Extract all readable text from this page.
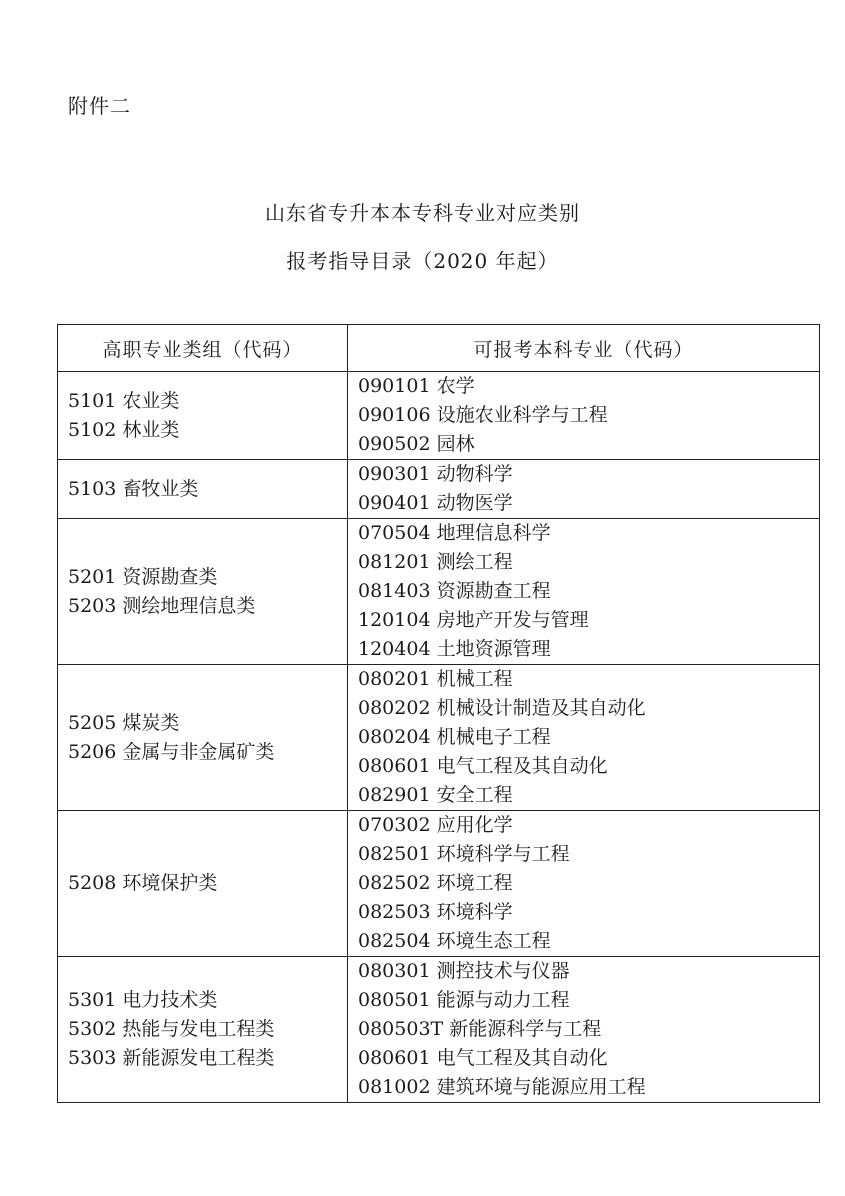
附件二
山东省专升本本专科专业对应类别
报考指导目录（2020 年起）
高职专业类组（代码）	可报考本科专业（代码）

5101 农业类
5102 林业类	090101 农学
090106 设施农业科学与工程
090502 园林

5103 畜牧业类	090301 动物科学
090401 动物医学

5201 资源勘查类
5203 测绘地理信息类	070504 地理信息科学
081201 测绘工程
081403 资源勘查工程
120104 房地产开发与管理
120404 土地资源管理

5205 煤炭类
5206 金属与非金属矿类	080201 机械工程
080202 机械设计制造及其自动化
080204 机械电子工程
080601 电气工程及其自动化
082901 安全工程

5208 环境保护类	070302 应用化学
082501 环境科学与工程
082502 环境工程
082503 环境科学
082504 环境生态工程

5301 电力技术类
5302 热能与发电工程类
5303 新能源发电工程类	080301 测控技术与仪器
080501 能源与动力工程
080503T 新能源科学与工程
080601 电气工程及其自动化
081002 建筑环境与能源应用工程
